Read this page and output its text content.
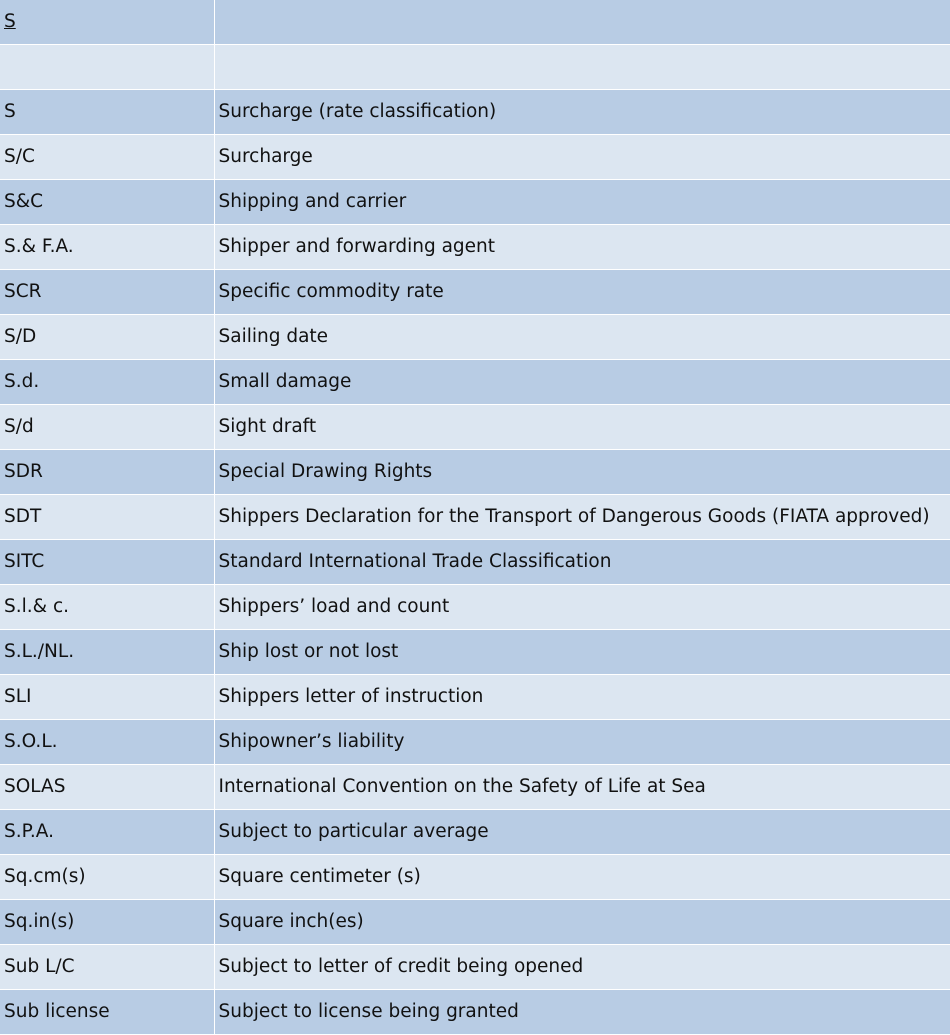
S	

S	Surcharge (rate classification)
S/C	Surcharge
S&C	Shipping and carrier
S.& F.A.	Shipper and forwarding agent
SCR	Specific commodity rate
S/D	Sailing date
S.d.	Small damage
S/d	Sight draft
SDR	Special Drawing Rights
SDT	Shippers Declaration for the Transport of Dangerous Goods (FIATA approved)
SITC	Standard International Trade Classification
S.l.& c.	Shippers’ load and count
S.L./NL.	Ship lost or not lost
SLI	Shippers letter of instruction
S.O.L.	Shipowner’s liability
SOLAS	International Convention on the Safety of Life at Sea
S.P.A.	Subject to particular average
Sq.cm(s)	Square centimeter (s)
Sq.in(s)	Square inch(es)
Sub L/C	Subject to letter of credit being opened
Sub license	Subject to license being granted
